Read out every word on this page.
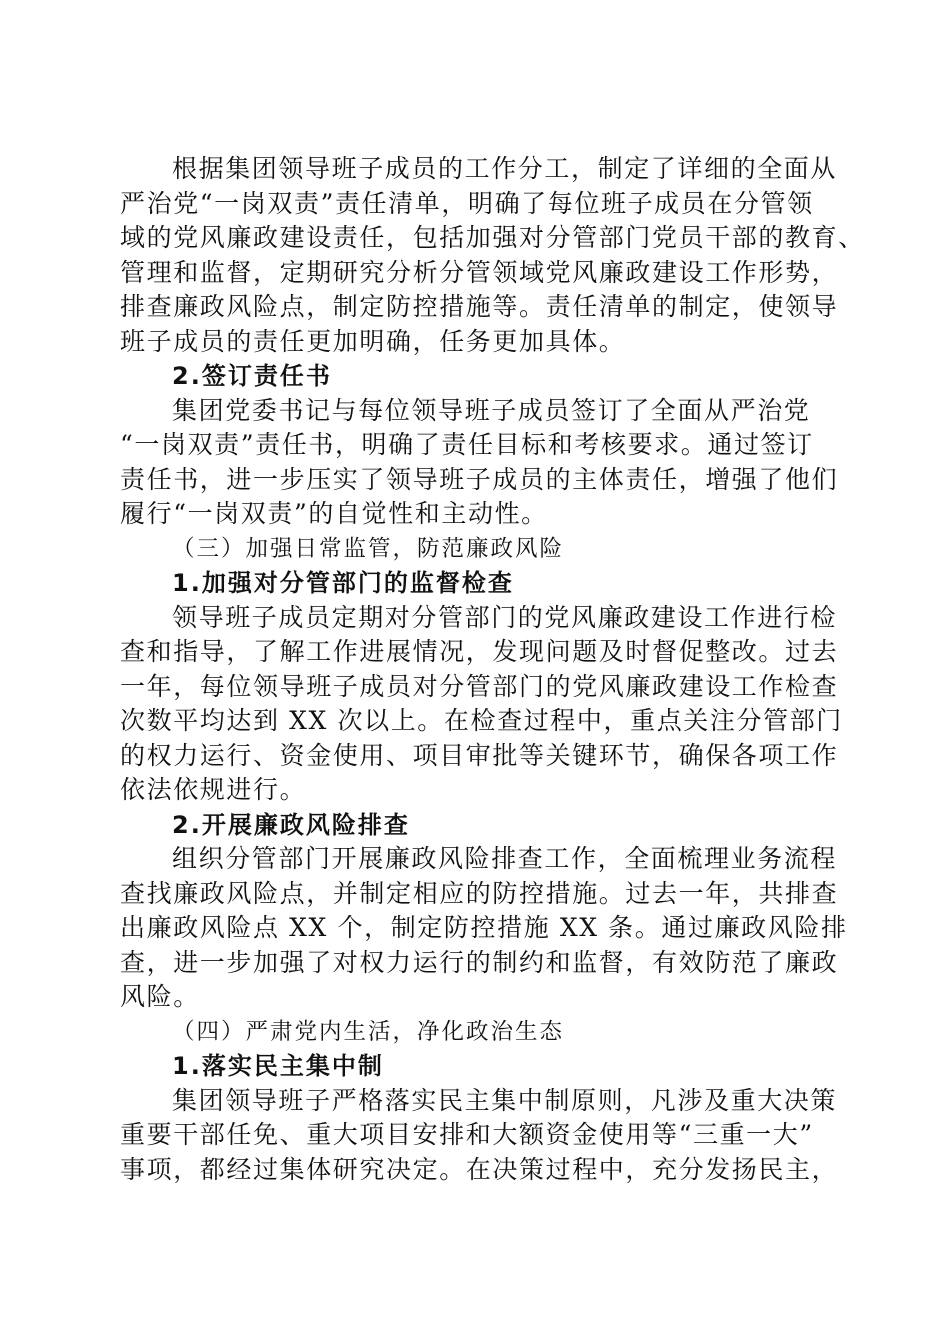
根据集团领导班子成员的工作分工，制定了详细的全面从
严治党“一岗双责”责任清单，明确了每位班子成员在分管领
域的党风廉政建设责任，包括加强对分管部门党员干部的教育、
管理和监督，定期研究分析分管领域党风廉政建设工作形势，
排查廉政风险点，制定防控措施等。责任清单的制定，使领导
班子成员的责任更加明确，任务更加具体。
2.签订责任书
集团党委书记与每位领导班子成员签订了全面从严治党
“一岗双责”责任书，明确了责任目标和考核要求。通过签订
责任书，进一步压实了领导班子成员的主体责任，增强了他们
履行“一岗双责”的自觉性和主动性。
（三）加强日常监管，防范廉政风险
1.加强对分管部门的监督检查
领导班子成员定期对分管部门的党风廉政建设工作进行检
查和指导，了解工作进展情况，发现问题及时督促整改。过去
一年，每位领导班子成员对分管部门的党风廉政建设工作检查
次数平均达到 XX 次以上。在检查过程中，重点关注分管部门
的权力运行、资金使用、项目审批等关键环节，确保各项工作
依法依规进行。
2.开展廉政风险排查
组织分管部门开展廉政风险排查工作，全面梳理业务流程
查找廉政风险点，并制定相应的防控措施。过去一年，共排查
出廉政风险点 XX 个，制定防控措施 XX 条。通过廉政风险排
查，进一步加强了对权力运行的制约和监督，有效防范了廉政
风险。
（四）严肃党内生活，净化政治生态
1.落实民主集中制
集团领导班子严格落实民主集中制原则，凡涉及重大决策
重要干部任免、重大项目安排和大额资金使用等“三重一大”
事项，都经过集体研究决定。在决策过程中，充分发扬民主，
